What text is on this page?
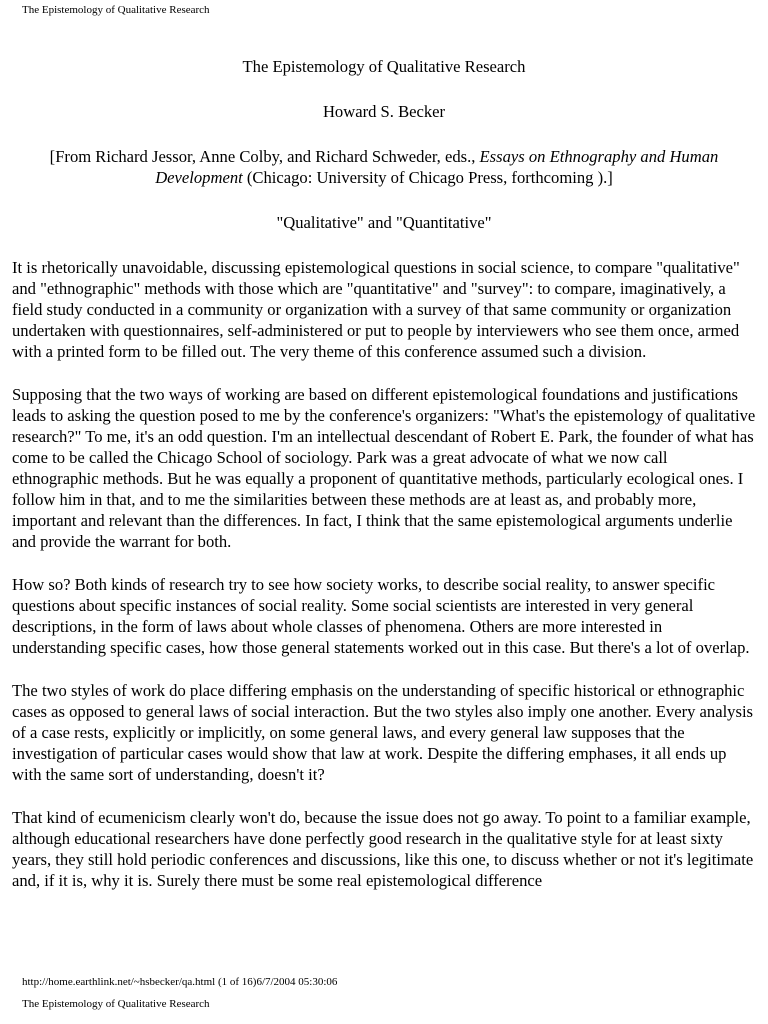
The Epistemology of Qualitative Research

The Epistemology of Qualitative Research

Howard S. Becker

[From Richard Jessor, Anne Colby, and Richard Schweder, eds., Essays on Ethnography and Human Development (Chicago: University of Chicago Press, forthcoming ).]

"Qualitative" and "Quantitative"

It is rhetorically unavoidable, discussing epistemological questions in social science, to compare "qualitative" and "ethnographic" methods with those which are "quantitative" and "survey": to compare, imaginatively, a field study conducted in a community or organization with a survey of that same community or organization undertaken with questionnaires, self-administered or put to people by interviewers who see them once, armed with a printed form to be filled out. The very theme of this conference assumed such a division.

Supposing that the two ways of working are based on different epistemological foundations and justifications leads to asking the question posed to me by the conference's organizers: "What's the epistemology of qualitative research?" To me, it's an odd question. I'm an intellectual descendant of Robert E. Park, the founder of what has come to be called the Chicago School of sociology. Park was a great advocate of what we now call ethnographic methods. But he was equally a proponent of quantitative methods, particularly ecological ones. I follow him in that, and to me the similarities between these methods are at least as, and probably more, important and relevant than the differences. In fact, I think that the same epistemological arguments underlie and provide the warrant for both.

How so? Both kinds of research try to see how society works, to describe social reality, to answer specific questions about specific instances of social reality. Some social scientists are interested in very general descriptions, in the form of laws about whole classes of phenomena. Others are more interested in understanding specific cases, how those general statements worked out in this case. But there's a lot of overlap.

The two styles of work do place differing emphasis on the understanding of specific historical or ethnographic cases as opposed to general laws of social interaction. But the two styles also imply one another. Every analysis of a case rests, explicitly or implicitly, on some general laws, and every general law supposes that the investigation of particular cases would show that law at work. Despite the differing emphases, it all ends up with the same sort of understanding, doesn't it?

That kind of ecumenicism clearly won't do, because the issue does not go away. To point to a familiar example, although educational researchers have done perfectly good research in the qualitative style for at least sixty years, they still hold periodic conferences and discussions, like this one, to discuss whether or not it's legitimate and, if it is, why it is. Surely there must be some real epistemological difference

http://home.earthlink.net/~hsbecker/qa.html (1 of 16)6/7/2004 05:30:06
The Epistemology of Qualitative Research
